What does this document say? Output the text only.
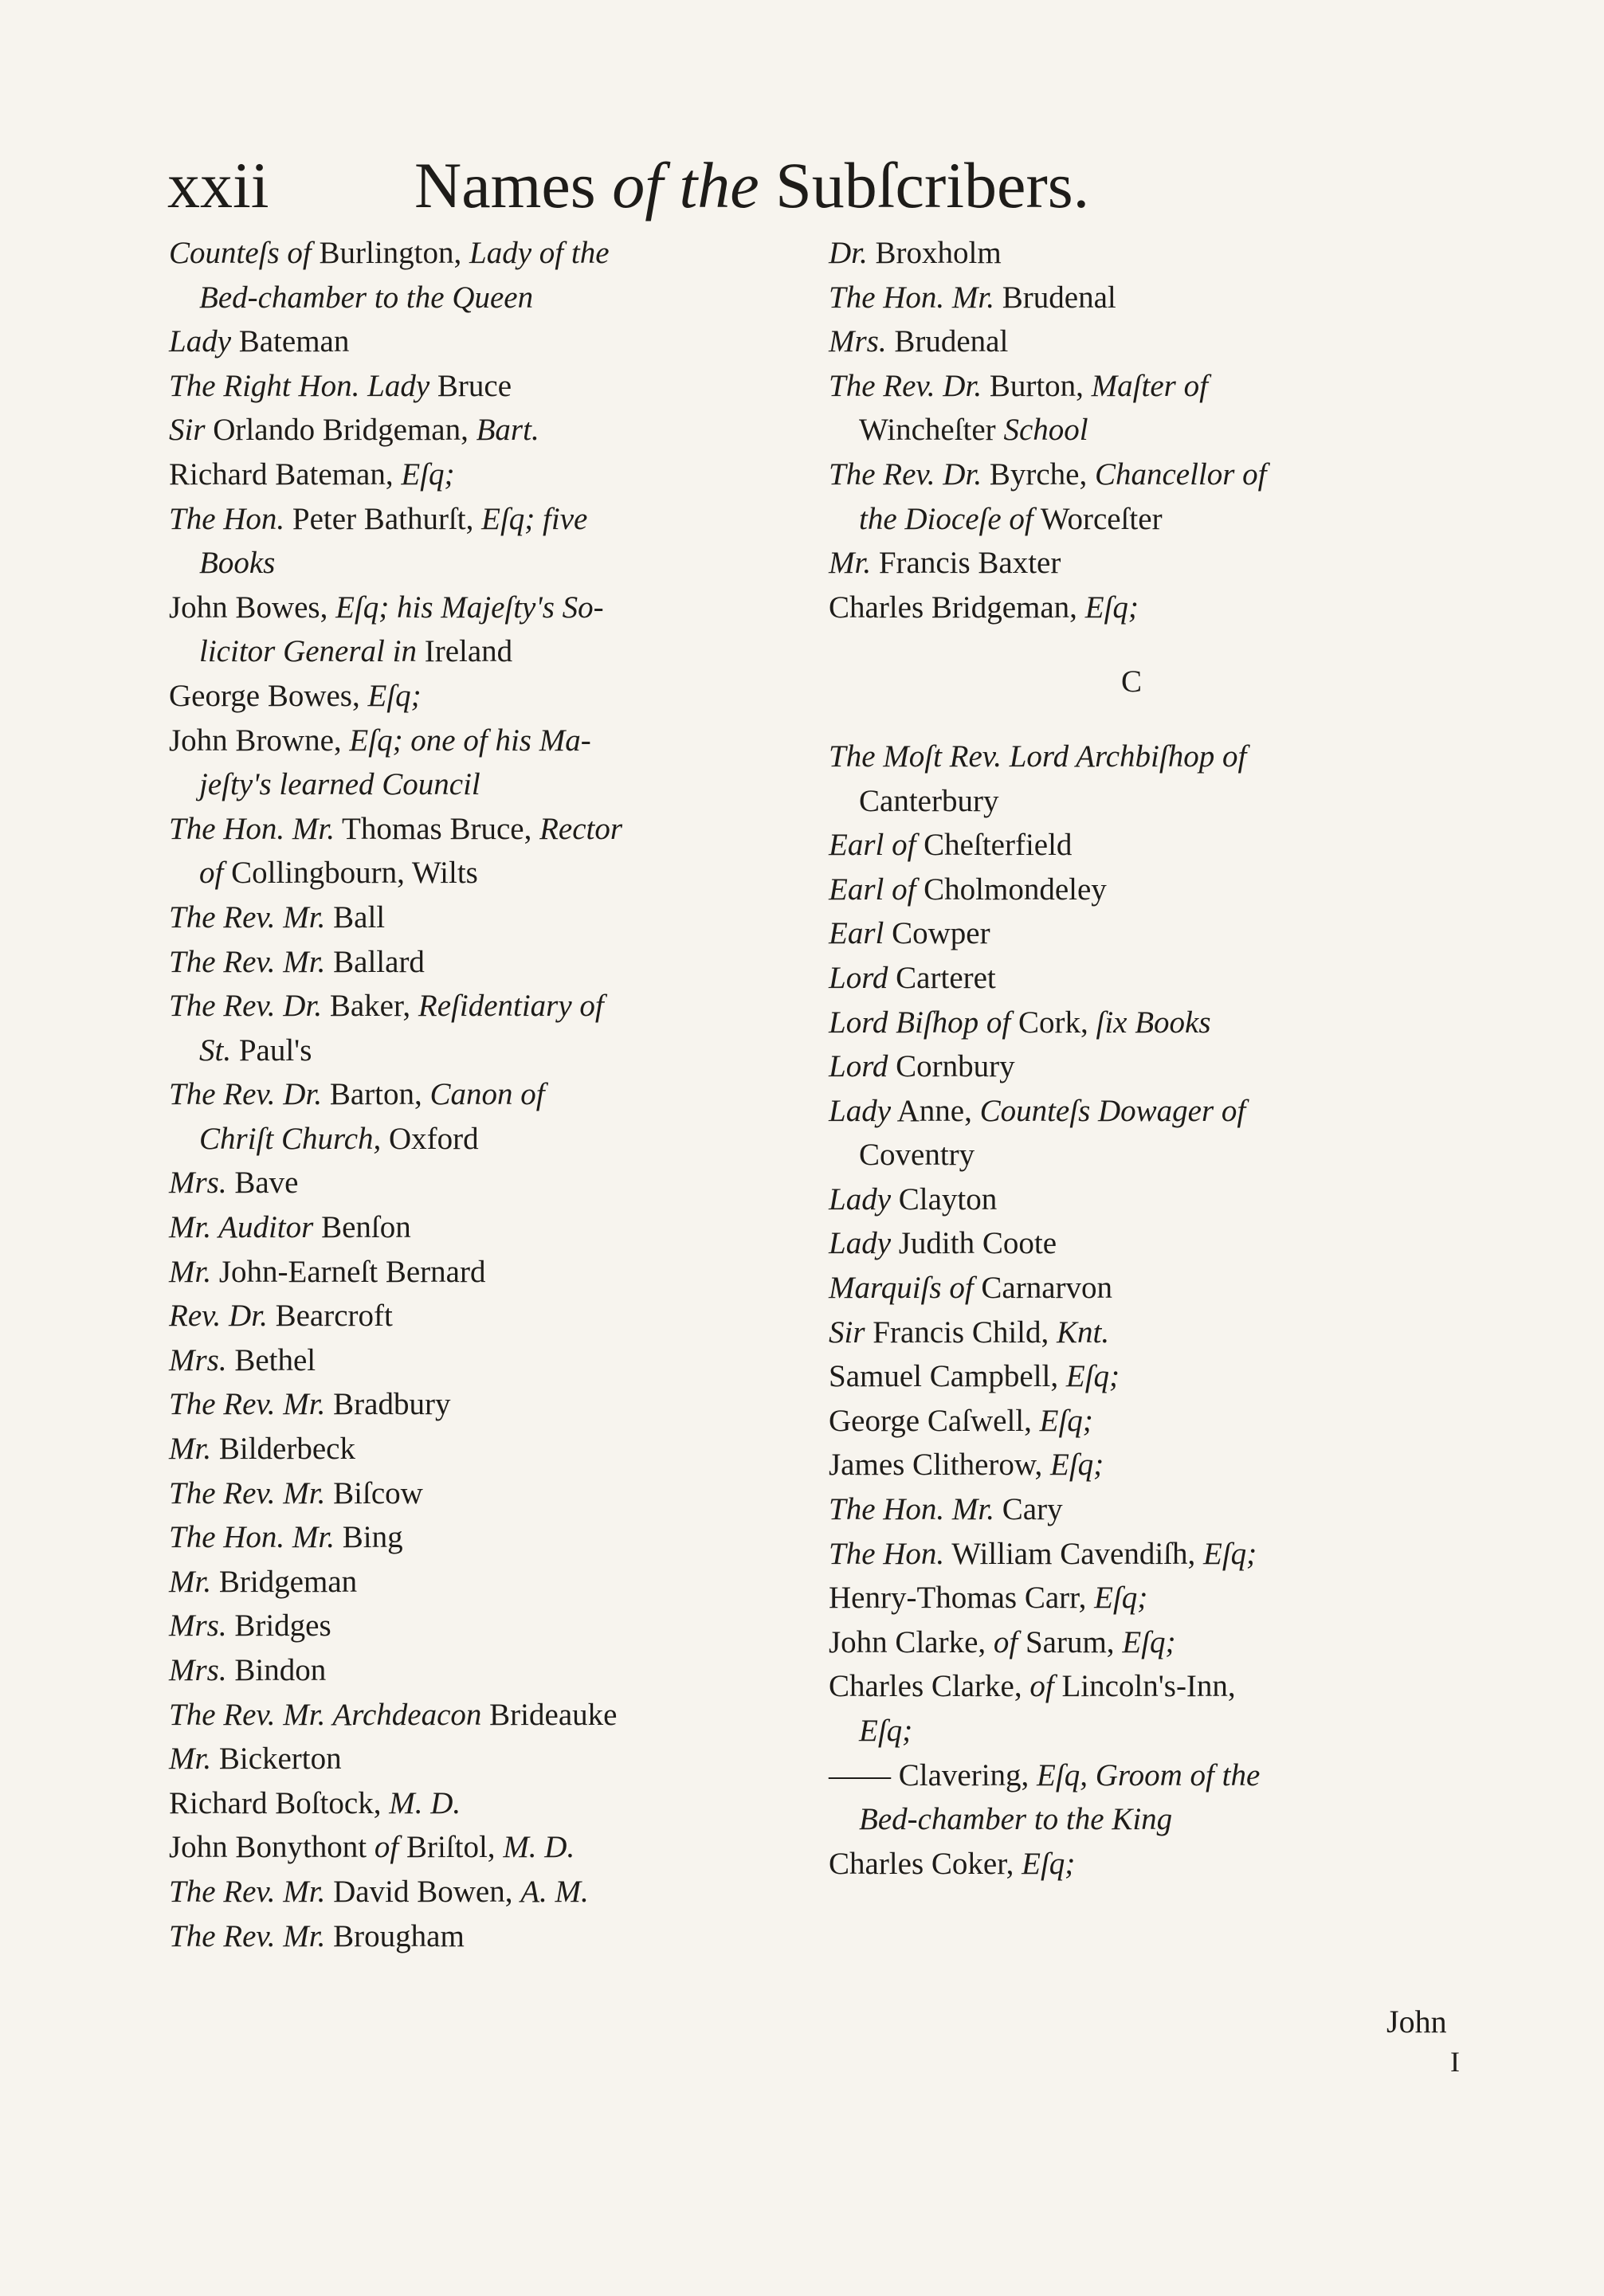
xxii Names of the Subſcribers.
Counteſs of Burlington, Lady of the
Bed-chamber to the Queen
Lady Bateman
The Right Hon. Lady Bruce
Sir Orlando Bridgeman, Bart.
Richard Bateman, Eſq;
The Hon. Peter Bathurſt, Eſq; five
Books
John Bowes, Eſq; his Majeſty's So-
licitor General in Ireland
George Bowes, Eſq;
John Browne, Eſq; one of his Ma-
jeſty's learned Council
The Hon. Mr. Thomas Bruce, Rector
of Collingbourn, Wilts
The Rev. Mr. Ball
The Rev. Mr. Ballard
The Rev. Dr. Baker, Reſidentiary of
St. Paul's
The Rev. Dr. Barton, Canon of
Chriſt Church, Oxford
Mrs. Bave
Mr. Auditor Benſon
Mr. John-Earneſt Bernard
Rev. Dr. Bearcroft
Mrs. Bethel
The Rev. Mr. Bradbury
Mr. Bilderbeck
The Rev. Mr. Biſcow
The Hon. Mr. Bing
Mr. Bridgeman
Mrs. Bridges
Mrs. Bindon
The Rev. Mr. Archdeacon Brideauke
Mr. Bickerton
Richard Boſtock, M. D.
John Bonythont of Briſtol, M. D.
The Rev. Mr. David Bowen, A. M.
The Rev. Mr. Brougham
Dr. Broxholm
The Hon. Mr. Brudenal
Mrs. Brudenal
The Rev. Dr. Burton, Maſter of
Wincheſter School
The Rev. Dr. Byrche, Chancellor of
the Dioceſe of Worceſter
Mr. Francis Baxter
Charles Bridgeman, Eſq;
C
The Moſt Rev. Lord Archbiſhop of
Canterbury
Earl of Cheſterfield
Earl of Cholmondeley
Earl Cowper
Lord Carteret
Lord Biſhop of Cork, ſix Books
Lord Cornbury
Lady Anne, Counteſs Dowager of
Coventry
Lady Clayton
Lady Judith Coote
Marquiſs of Carnarvon
Sir Francis Child, Knt.
Samuel Campbell, Eſq;
George Caſwell, Eſq;
James Clitherow, Eſq;
The Hon. Mr. Cary
The Hon. William Cavendiſh, Eſq;
Henry-Thomas Carr, Eſq;
John Clarke, of Sarum, Eſq;
Charles Clarke, of Lincoln's-Inn,
Eſq;
—— Clavering, Eſq, Groom of the
Bed-chamber to the King
Charles Coker, Eſq;
John
I
